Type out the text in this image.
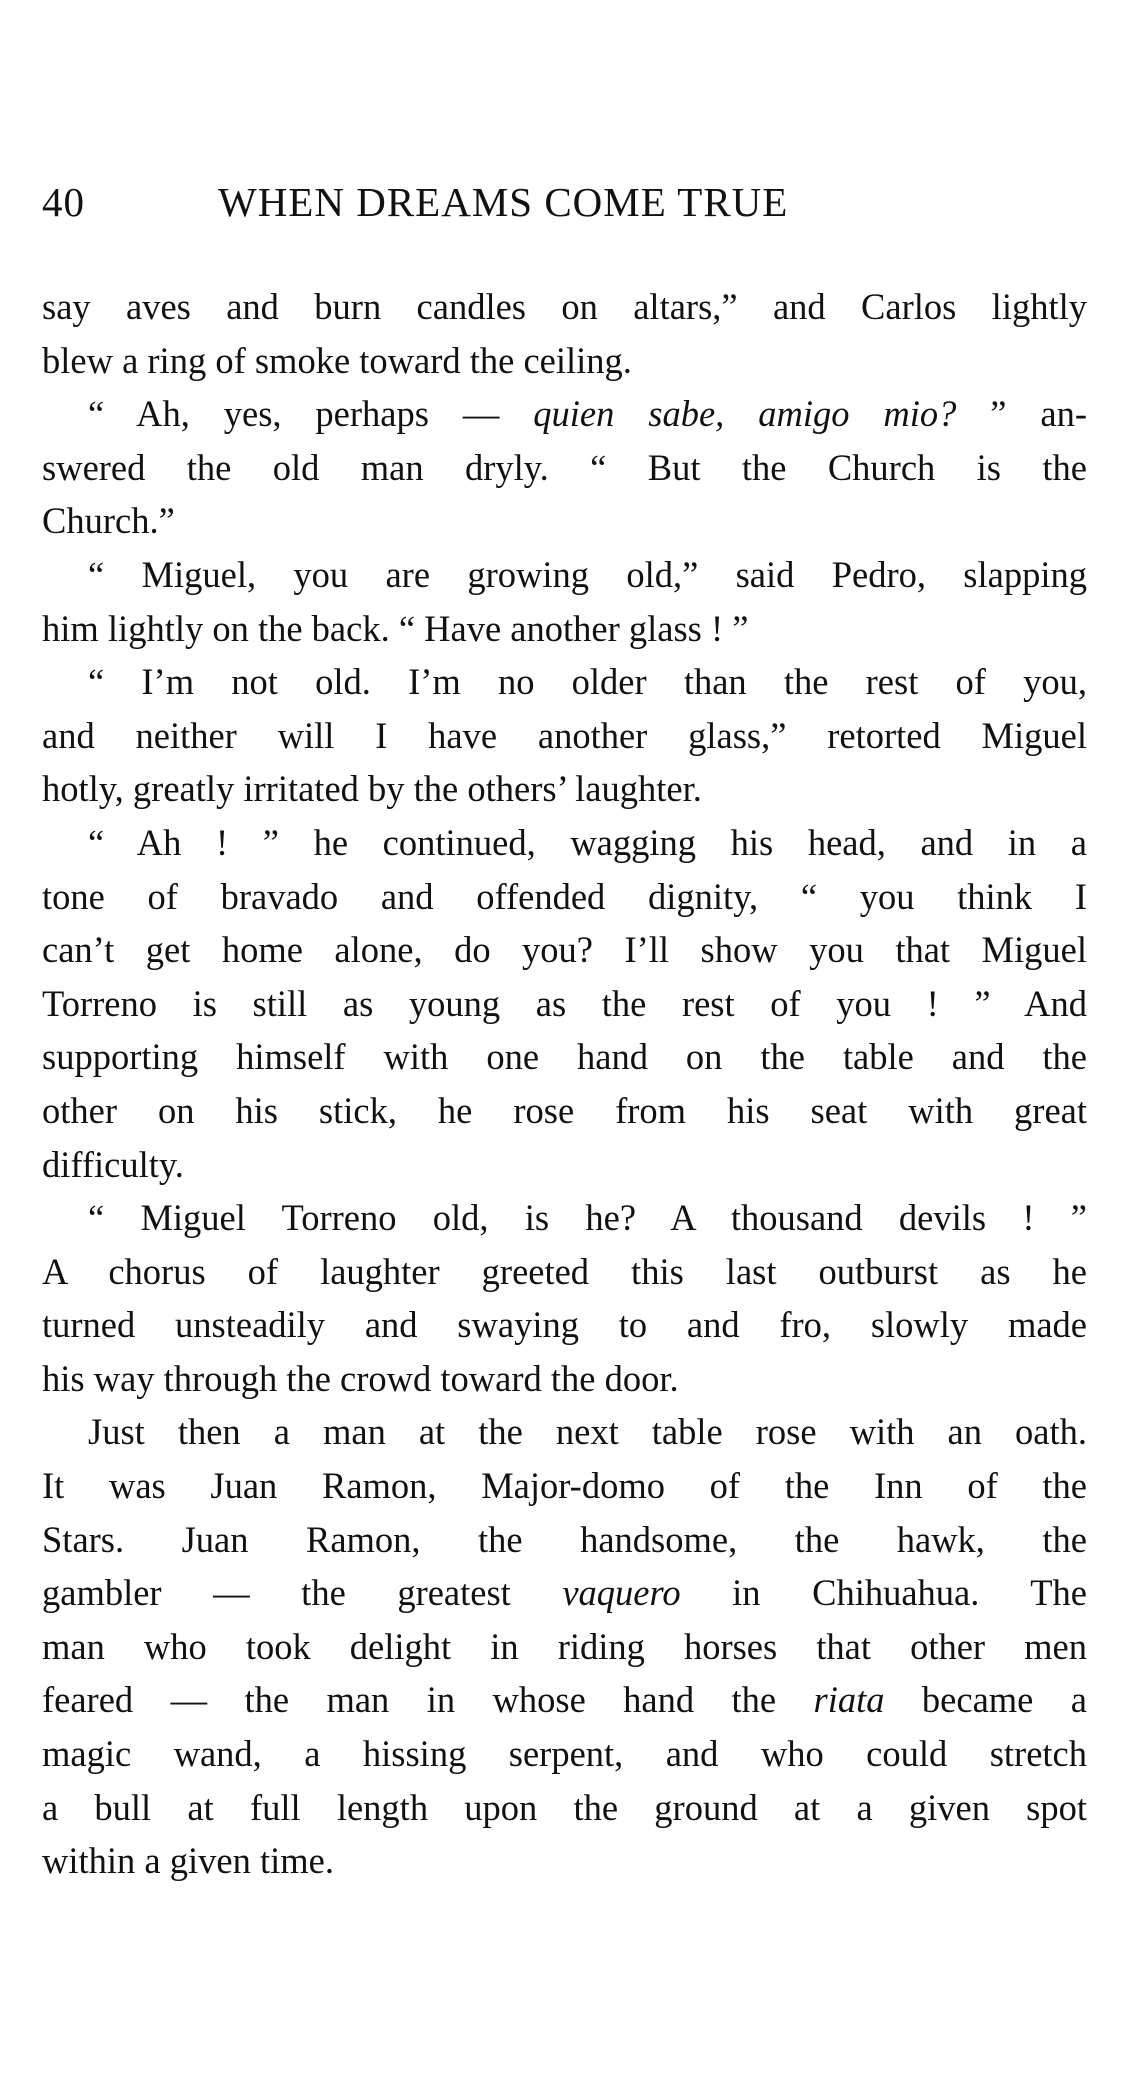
40	WHEN DREAMS COME TRUE
say aves and burn candles on altars,” and Carlos lightly
blew a ring of smoke toward the ceiling.
“ Ah, yes, perhaps — quien sabe, amigo mio? ” an-
swered the old man dryly. “ But the Church is the
Church.”
“ Miguel, you are growing old,” said Pedro, slapping
him lightly on the back. “ Have another glass ! ”
“ I’m not old. I’m no older than the rest of you,
and neither will I have another glass,” retorted Miguel
hotly, greatly irritated by the others’ laughter.
“ Ah ! ” he continued, wagging his head, and in a
tone of bravado and offended dignity, “ you think I
can’t get home alone, do you? I’ll show you that Miguel
Torreno is still as young as the rest of you ! ” And
supporting himself with one hand on the table and the
other on his stick, he rose from his seat with great
difficulty.
“ Miguel Torreno old, is he? A thousand devils ! ”
A chorus of laughter greeted this last outburst as he
turned unsteadily and swaying to and fro, slowly made
his way through the crowd toward the door.
Just then a man at the next table rose with an oath.
It was Juan Ramon, Major-domo of the Inn of the
Stars. Juan Ramon, the handsome, the hawk, the
gambler — the greatest vaquero in Chihuahua. The
man who took delight in riding horses that other men
feared — the man in whose hand the riata became a
magic wand, a hissing serpent, and who could stretch
a bull at full length upon the ground at a given spot
within a given time.
